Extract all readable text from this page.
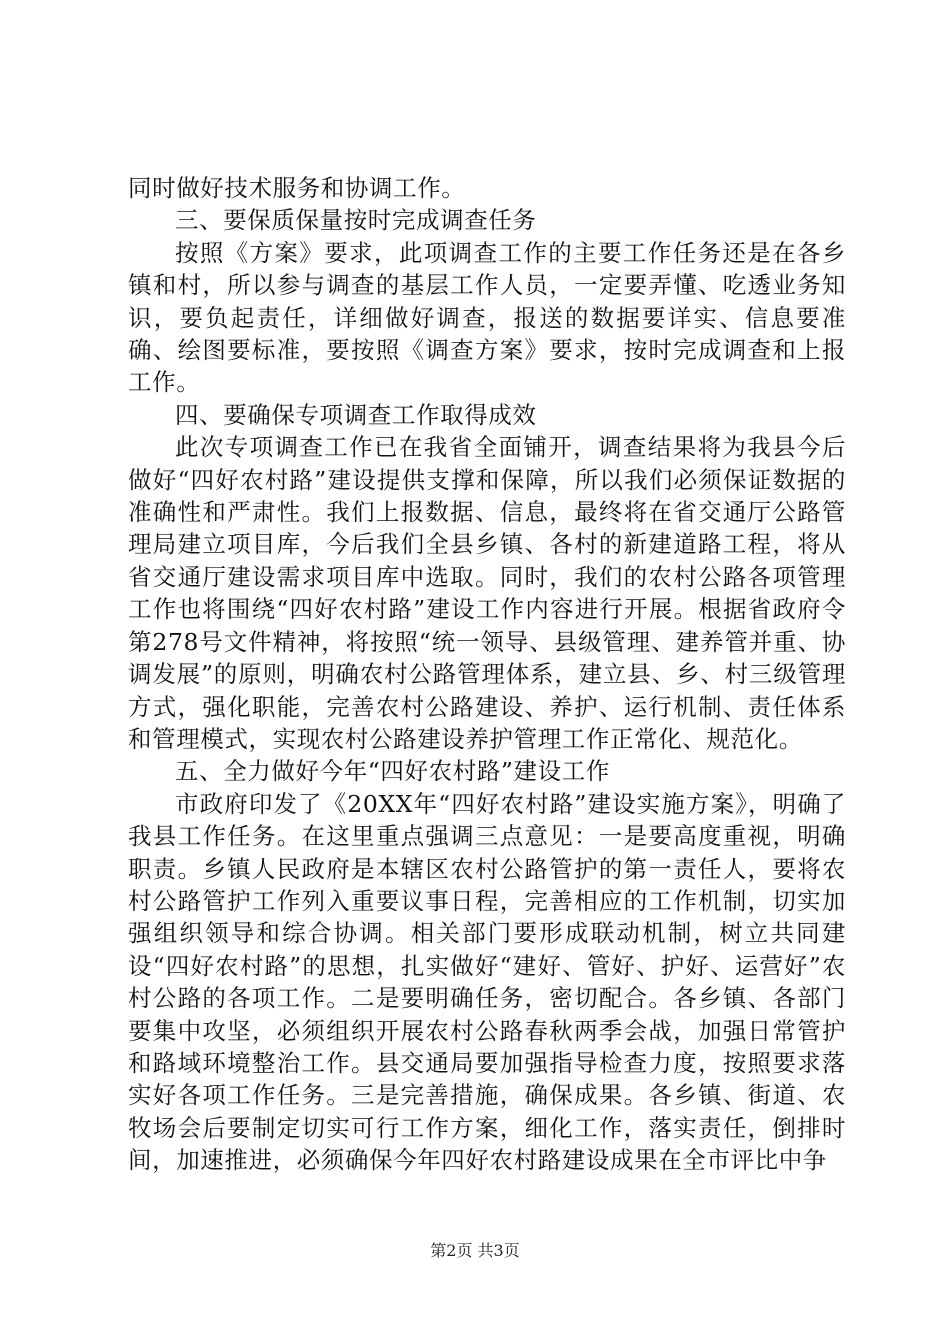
同时做好技术服务和协调工作。

三、要保质保量按时完成调查任务

按照《方案》要求，此项调查工作的主要工作任务还是在各乡镇和村，所以参与调查的基层工作人员，一定要弄懂、吃透业务知识，要负起责任，详细做好调查，报送的数据要详实、信息要准确、绘图要标准，要按照《调查方案》要求，按时完成调查和上报工作。

四、要确保专项调查工作取得成效

此次专项调查工作已在我省全面铺开，调查结果将为我县今后做好“四好农村路”建设提供支撑和保障，所以我们必须保证数据的准确性和严肃性。我们上报数据、信息，最终将在省交通厅公路管理局建立项目库，今后我们全县乡镇、各村的新建道路工程，将从省交通厅建设需求项目库中选取。同时，我们的农村公路各项管理工作也将围绕“四好农村路”建设工作内容进行开展。根据省政府令第278号文件精神，将按照“统一领导、县级管理、建养管并重、协调发展”的原则，明确农村公路管理体系，建立县、乡、村三级管理方式，强化职能，完善农村公路建设、养护、运行机制、责任体系和管理模式，实现农村公路建设养护管理工作正常化、规范化。

五、全力做好今年“四好农村路”建设工作

市政府印发了《20XX年“四好农村路”建设实施方案》，明确了我县工作任务。在这里重点强调三点意见：一是要高度重视，明确职责。乡镇人民政府是本辖区农村公路管护的第一责任人，要将农村公路管护工作列入重要议事日程，完善相应的工作机制，切实加强组织领导和综合协调。相关部门要形成联动机制，树立共同建设“四好农村路”的思想，扎实做好“建好、管好、护好、运营好”农村公路的各项工作。二是要明确任务，密切配合。各乡镇、各部门要集中攻坚，必须组织开展农村公路春秋两季会战，加强日常管护和路域环境整治工作。县交通局要加强指导检查力度，按照要求落实好各项工作任务。三是完善措施，确保成果。各乡镇、街道、农牧场会后要制定切实可行工作方案，细化工作，落实责任，倒排时间，加速推进，必须确保今年四好农村路建设成果在全市评比中争

第2页 共3页
